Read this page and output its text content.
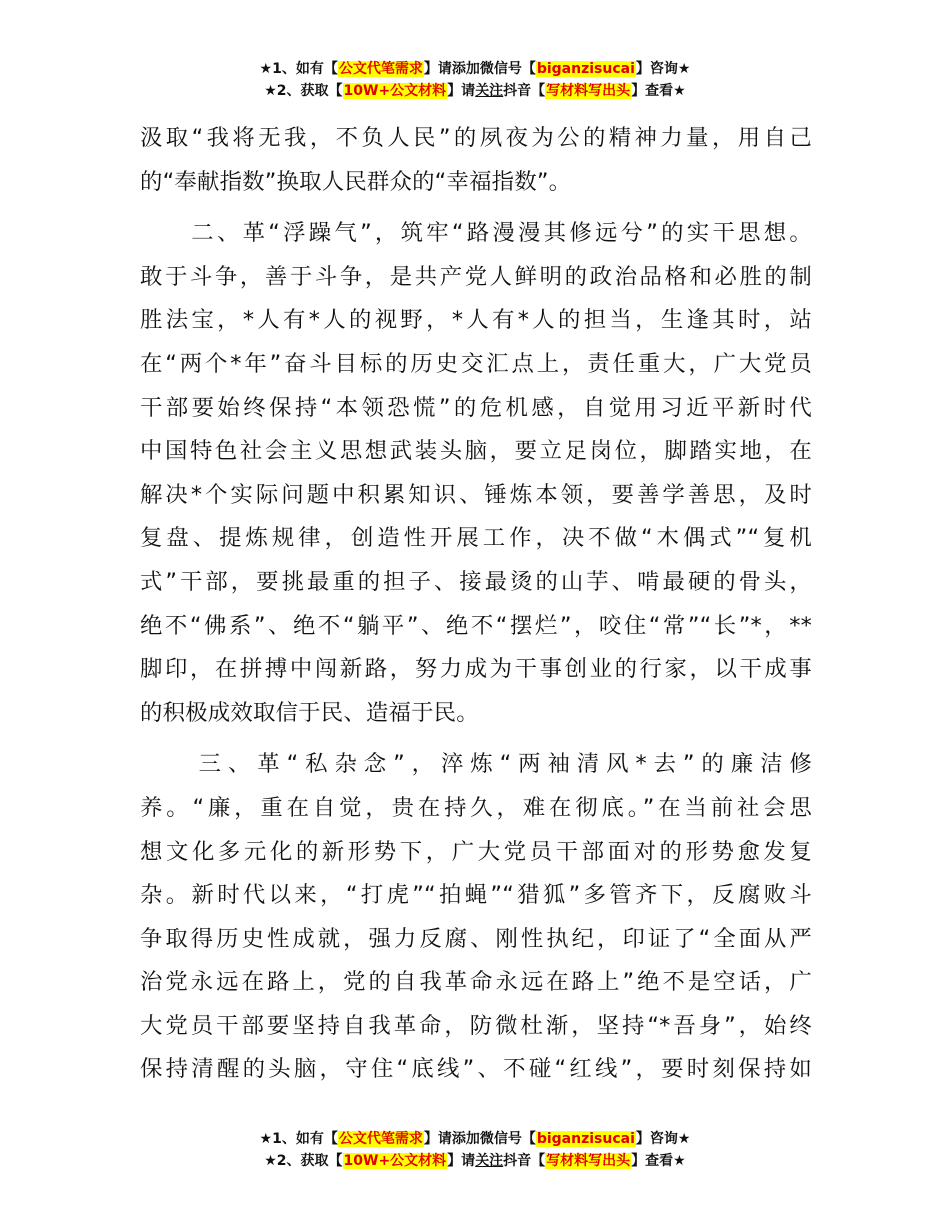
★1、如有【公文代笔需求】请添加微信号【biganzisucai】咨询★
★2、获取【10W+公文材料】请关注抖音【写材料写出头】查看★

汲取“我将无我，不负人民”的夙夜为公的精神力量，用自己
的“奉献指数”换取人民群众的“幸福指数”。

　　二、革“浮躁气”，筑牢“路漫漫其修远兮”的实干思想。
敢于斗争，善于斗争，是共产党人鲜明的政治品格和必胜的制
胜法宝，*人有*人的视野，*人有*人的担当，生逢其时，站
在“两个*年”奋斗目标的历史交汇点上，责任重大，广大党员
干部要始终保持“本领恐慌”的危机感，自觉用习近平新时代
中国特色社会主义思想武装头脑，要立足岗位，脚踏实地，在
解决*个实际问题中积累知识、锤炼本领，要善学善思，及时
复盘、提炼规律，创造性开展工作，决不做“木偶式”“复机
式”干部，要挑最重的担子、接最烫的山芋、啃最硬的骨头，
绝不“佛系”、绝不“躺平”、绝不“摆烂”，咬住“常”“长”*，**
脚印，在拼搏中闯新路，努力成为干事创业的行家，以干成事
的积极成效取信于民、造福于民。

　　三、革“私杂念”，淬炼“两袖清风*去”的廉洁修
养。“廉，重在自觉，贵在持久，难在彻底。”在当前社会思
想文化多元化的新形势下，广大党员干部面对的形势愈发复
杂。新时代以来，“打虎”“拍蝇”“猎狐”多管齐下，反腐败斗
争取得历史性成就，强力反腐、刚性执纪，印证了“全面从严
治党永远在路上，党的自我革命永远在路上”绝不是空话，广
大党员干部要坚持自我革命，防微杜渐，坚持“*吾身”，始终
保持清醒的头脑，守住“底线”、不碰“红线”，要时刻保持如

★1、如有【公文代笔需求】请添加微信号【biganzisucai】咨询★
★2、获取【10W+公文材料】请关注抖音【写材料写出头】查看★
